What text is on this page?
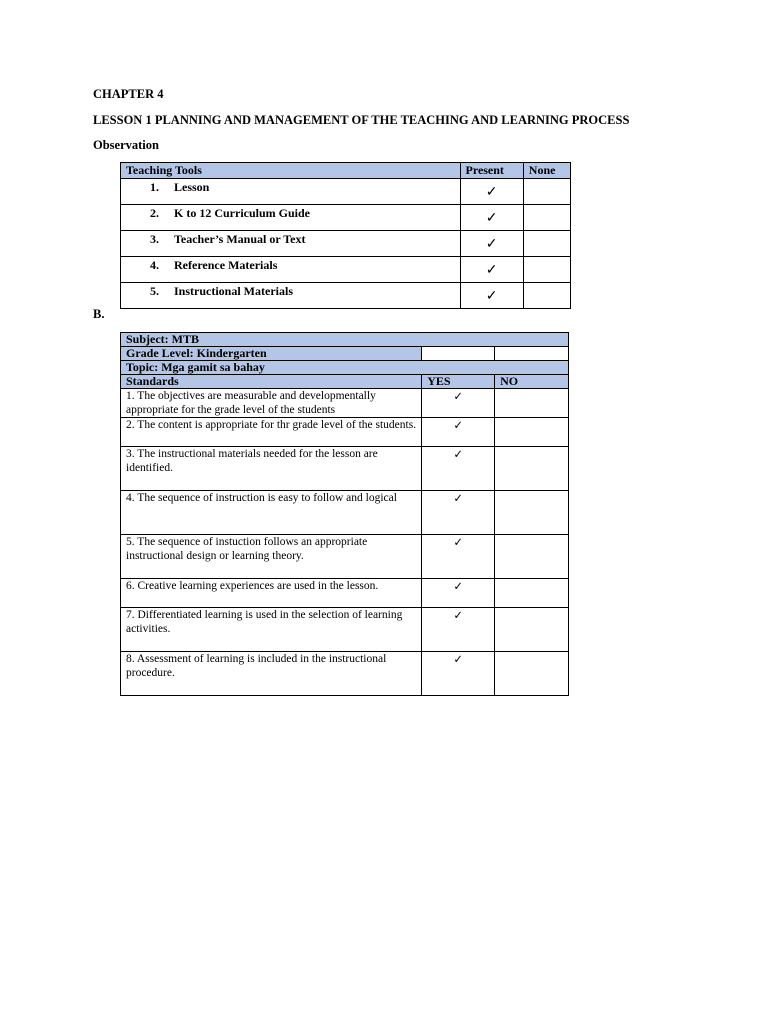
CHAPTER 4

LESSON 1 PLANNING AND MANAGEMENT OF THE TEACHING AND LEARNING PROCESS

Observation

Teaching Tools	Present	None
1. Lesson	✓	
2. K to 12 Curriculum Guide	✓	
3. Teacher’s Manual or Text	✓	
4. Reference Materials	✓	
5. Instructional Materials	✓	

B.

Subject: MTB		
Grade Level: Kindergarten		
Topic: Mga gamit sa bahay		
Standards	YES	NO
1. The objectives are measurable and developmentally appropriate for the grade level of the students	✓	
2. The content is appropriate for thr grade level of the students.	✓	
3. The instructional materials needed for the lesson are identified.	✓	
4. The sequence of instruction is easy to follow and logical	✓	
5. The sequence of instuction follows an appropriate instructional design or learning theory.	✓	
6. Creative learning experiences are used in the lesson.	✓	
7. Differentiated learning is used in the selection of learning activities.	✓	
8. Assessment of learning is included in the instructional procedure.	✓	
